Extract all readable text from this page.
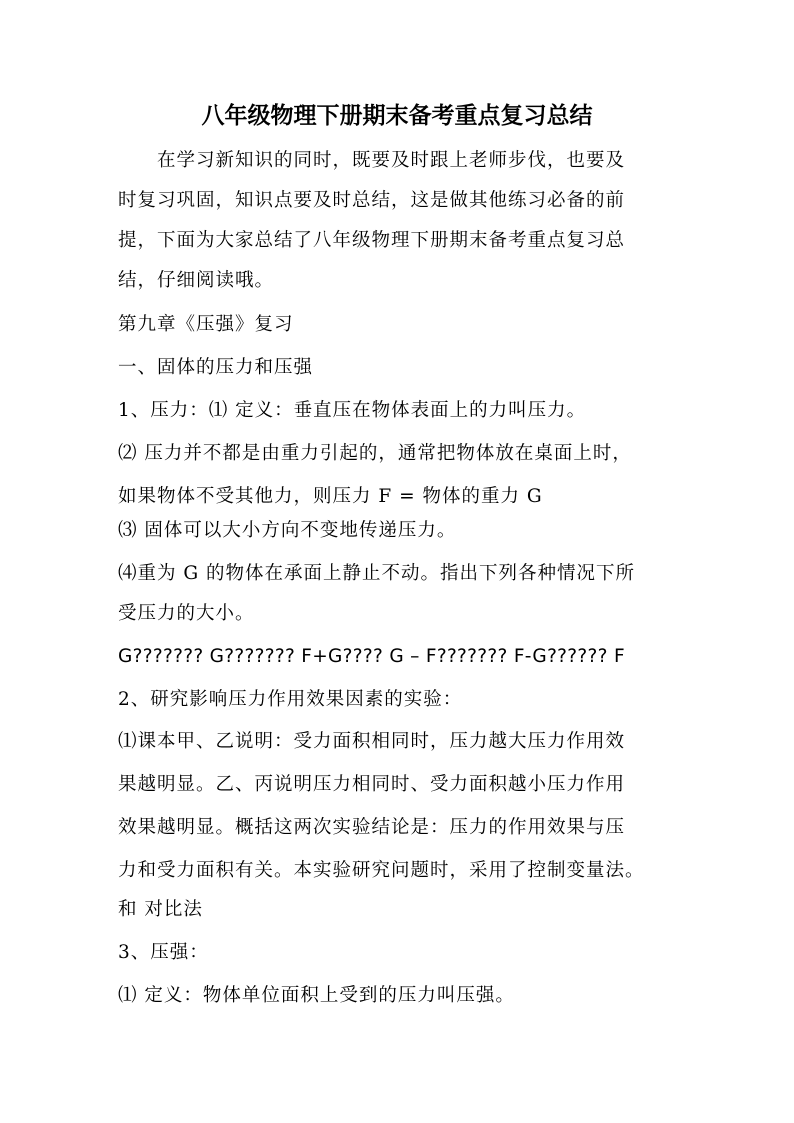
八年级物理下册期末备考重点复习总结
　　在学习新知识的同时，既要及时跟上老师步伐，也要及
时复习巩固，知识点要及时总结，这是做其他练习必备的前
提，下面为大家总结了八年级物理下册期末备考重点复习总
结，仔细阅读哦。
第九章《压强》复习
一、固体的压力和压强
1、压力：⑴ 定义：垂直压在物体表面上的力叫压力。
⑵ 压力并不都是由重力引起的，通常把物体放在桌面上时，
如果物体不受其他力，则压力 F = 物体的重力 G
⑶ 固体可以大小方向不变地传递压力。
⑷重为 G 的物体在承面上静止不动。指出下列各种情况下所
受压力的大小。
G??????? G??????? F+G???? G – F??????? F-G?????? F
2、研究影响压力作用效果因素的实验：
⑴课本甲、乙说明：受力面积相同时，压力越大压力作用效
果越明显。乙、丙说明压力相同时、受力面积越小压力作用
效果越明显。概括这两次实验结论是：压力的作用效果与压
力和受力面积有关。本实验研究问题时，采用了控制变量法。
和 对比法
3、压强：
⑴ 定义：物体单位面积上受到的压力叫压强。
